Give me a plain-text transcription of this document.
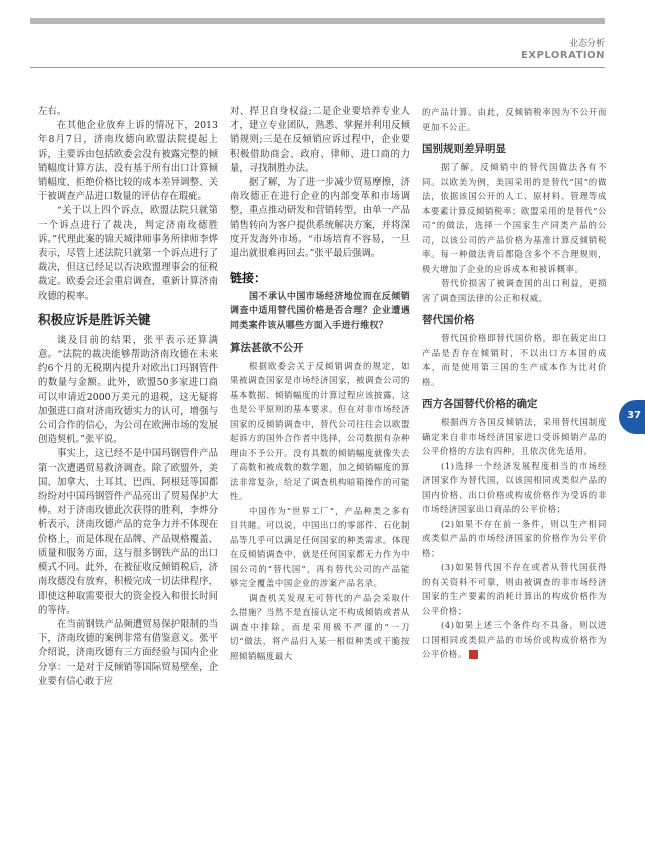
业态分析
EXPLORATION
37

左右。

在其他企业放弃上诉的情况下，2013年8月7日，济南玫德向欧盟法院提起上诉，主要诉由包括欧委会没有被露完整的倾销幅度计算方法、没有基于所有出口计算倾销幅度、拒绝价格比较的成本差异调整、关于被调查产品进口数量的评估存在瑕疵。

“关于以上四个诉点，欧盟法院只就第一个诉点进行了裁决，判定济南玫德胜诉。”代理此案的锦天城律师事务所律师李烨表示，尽管上述法院只就第一个诉点进行了裁决，但这已经足以否决欧盟理事会的征税裁定。欧委会还会重启调查，重新计算济南玫德的税率。

积极应诉是胜诉关键

谈及目前的结果，张平表示还算满意。“法院的裁决能够帮助济南玫德在未来约6个月的无税期内提升对欧出口玛钢管件的数量与金额。此外，欧盟50多家进口商可以申请近2000万美元的退税，这无疑将加强进口商对济南玫德实力的认可，增强与公司合作的信心，为公司在欧洲市场的发展创造契机。”张平说。

事实上，这已经不是中国玛钢管件产品第一次遭遇贸易救济调查。除了欧盟外，美国、加拿大、土耳其、巴西、阿根廷等国都纷纷对中国玛钢管件产品亮出了贸易保护大棒。对于济南玫德此次获得的胜利，李烨分析表示，济南玫德产品的竞争力并不体现在价格上，而是体现在品牌、产品规格覆盖、质量和服务方面，这与很多钢铁产品的出口模式不同。此外，在被征收反倾销税后，济南玫德没有放弃，积极完成一切法律程序，即使这种取需要很大的资金投入和很长时间的等待。

在当前钢铁产品频遭贸易保护限制的当下，济南玫德的案例非常有借鉴意义。张平介绍说，济南玫德有三方面经验与国内企业分享：一是对于反倾销等国际贸易壁垒，企业要有信心敢于应

对、捍卫自身权益;二是企业要培养专业人才，建立专业团队，熟悉、掌握并利用反倾销规则;三是在反倾销应诉过程中，企业要积极借助商会、政府、律师、进口商的力量，寻找制胜办法。

据了解，为了进一步减少贸易摩擦，济南玫德正在进行企业的内部变革和市场调整，重点推动研发和营销转型，由单一产品销售转向为客户提供系统解决方案，并将深度开发海外市场。“市场培育不容易，一旦退出就很难再回去。”张平最后强调。

链接：

国不承认中国市场经济地位而在反倾销调查中适用替代国价格是否合理？企业遭遇同类案件该从哪些方面入手进行维权？

算法甚欲不公开

根据欧委会关于反倾销调查的规定，如果被调查国家是市场经济国家，被调查公司的基本数据、倾销幅度的计算过程应该披露，这也是公平原则的基本要求。但在对非市场经济国家的反倾销调查中，替代公司往往会以欧盟起诉方的国外合作者中选择，公司数据有杂种理由不予公开。没有具数的倾销幅度就像失去了高数和被成数的数学题，加之倾销幅度的算法非常复杂，给足了调查机构暗箱操作的可能性。

中国作为“世界工厂”，产品种类之多有目共睹。可以说，中国出口的零部件、石化制品等几乎可以满足任何国家的种类需求。体现在反倾销调查中，就是任何国家都无力作为中国公司的“替代国”，再有替代公司的产品能够完全覆盖中国企业的涉案产品名录。

调查机关发现无可替代的产品会采取什么措施？当然不是直接认定不构成倾销或者从调查中排除，而是采用极不严谨的“一刀切”做法，将产品归入某一相似种类或干脆按照倾销幅度最大

的产品计算。由此，反倾销税率因为不公开而更加不公正。

国别规则差异明显

据了解，反倾销中的替代国做法各有不同。以欧美为例，美国采用的是替代“国”的做法，依据该国公开的人工、原材料、管理等成本要素计算反倾销税率；欧盟采用的是替代“公司”的做法，选择一个国家生产同类产品的公司，以该公司的产品价格为基准计算反倾销税率。每一种做法背后都隐含多个不合理规则，极大增加了企业的应诉成本和被诉概率。

替代价损害了被调查国的出口利益，更损害了调查国法律的公正和权威。

替代国价格

替代国价格即替代国价格，即在载定出口产品是否存在倾销时，不以出口方本国的成本，而是使用第三国的生产成本作为比对价格。

西方各国替代价格的确定

根据西方各国反倾销法，采用替代国制度确定来自非市场经济国家进口受诉倾销产品的公平价格的方法有四种，且依次优先适用。

(1)选择一个经济发展程度相当的市场经济国家作为替代国，以该国相同或类似产品的国内价格、出口价格或构成价格作为受诉的非市场经济国家出口商品的公平价格；

(2)如果不存在前一条件，则以生产相同或类似产品的市场经济国家的价格作为公平价格；

(3)如果替代国不存在或者从替代国获得的有关资料不可靠，则由被调查的非市场经济国家的生产要素的消耗计算出的构成价格作为公平价格；

(4)如果上述三个条件均不具备，则以进口国相同或类似产品的市场价或构成价格作为公平价格。
